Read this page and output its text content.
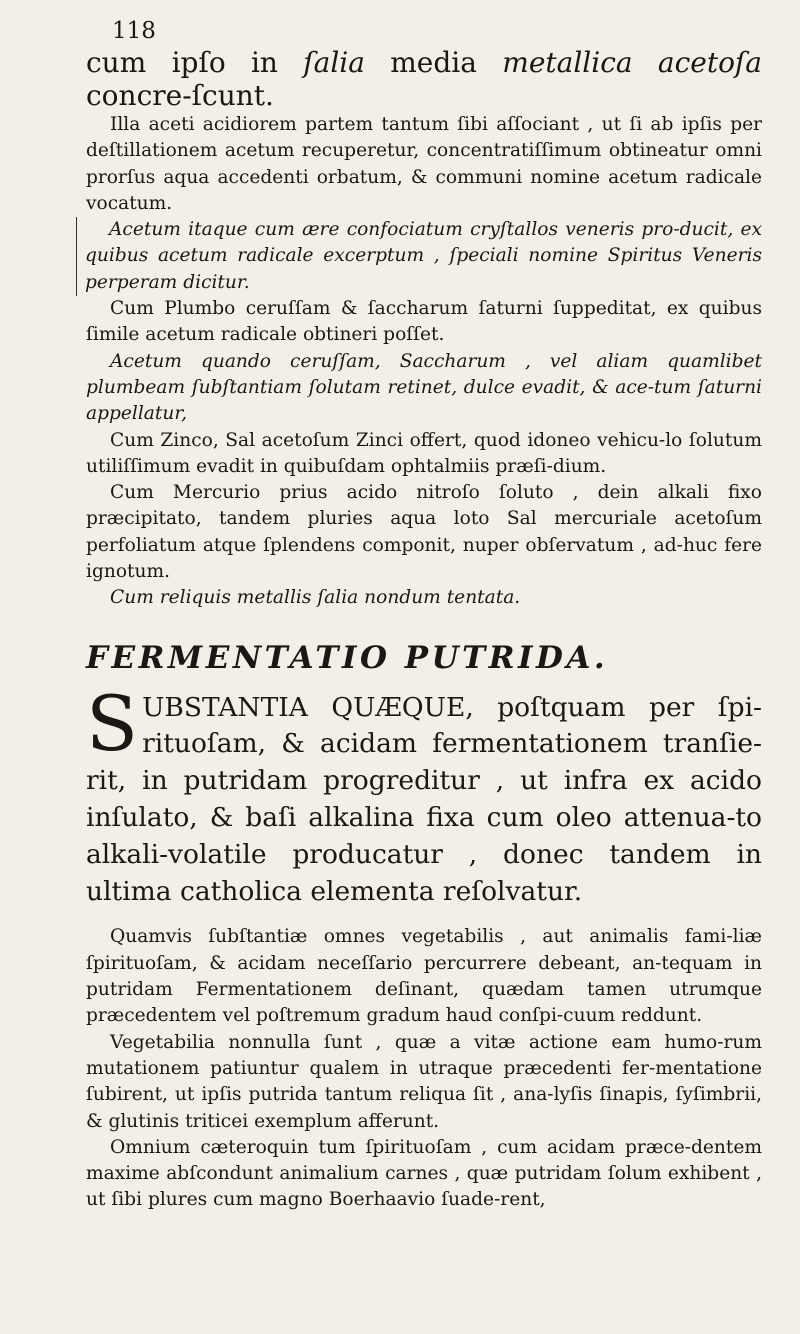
118

cum ipſo in ſalia media metallica acetoſa concre-ſcunt.

Illa aceti acidiorem partem tantum ſibi aſſociant , ut ſi ab ipſis per deſtillationem acetum recuperetur, concentratiſſimum obtineatur omni prorſus aqua accedenti orbatum, & communi nomine acetum radicale vocatum.

Acetum itaque cum ære confociatum cryſtallos veneris pro-ducit, ex quibus acetum radicale excerptum , ſpeciali nomine Spiritus Veneris perperam dicitur.

Cum Plumbo ceruſſam & ſaccharum ſaturni ſuppeditat, ex quibus ſimile acetum radicale obtineri poſſet.

Acetum quando ceruſſam, Saccharum , vel aliam quamlibet plumbeam ſubſtantiam ſolutam retinet, dulce evadit, & ace-tum ſaturni appellatur,

Cum Zinco, Sal acetoſum Zinci offert, quod idoneo vehicu-lo ſolutum utiliſſimum evadit in quibuſdam ophtalmiis præſi-dium.

Cum Mercurio prius acido nitroſo ſoluto , dein alkali fixo præcipitato, tandem pluries aqua loto Sal mercuriale acetoſum perfoliatum atque ſplendens componit, nuper obſervatum , ad-huc fere ignotum.

Cum reliquis metallis ſalia nondum tentata.

FERMENTATIO PUTRIDA.

SUBSTANTIA QUÆQUE, poſtquam per ſpi-rituoſam, & acidam fermentationem tranſie-rit, in putridam progreditur , ut infra ex acido inſulato, & baſi alkalina fixa cum oleo attenua-to alkali-volatile producatur , donec tandem in ultima catholica elementa reſolvatur.

Quamvis ſubſtantiæ omnes vegetabilis , aut animalis fami-liæ ſpirituoſam, & acidam neceſſario percurrere debeant, an-tequam in putridam Fermentationem deſinant, quædam tamen utrumque præcedentem vel poſtremum gradum haud conſpi-cuum reddunt.

Vegetabilia nonnulla ſunt , quæ a vitæ actione eam humo-rum mutationem patiuntur qualem in utraque præcedenti fer-mentatione ſubirent, ut ipſis putrida tantum reliqua ſit , ana-lyſis ſinapis, ſyſimbrii, & glutinis triticei exemplum afferunt.

Omnium cæteroquin tum ſpirituoſam , cum acidam præce-dentem maxime abſcondunt animalium carnes , quæ putridam ſolum exhibent , ut ſibi plures cum magno Boerhaavio ſuade-rent,
